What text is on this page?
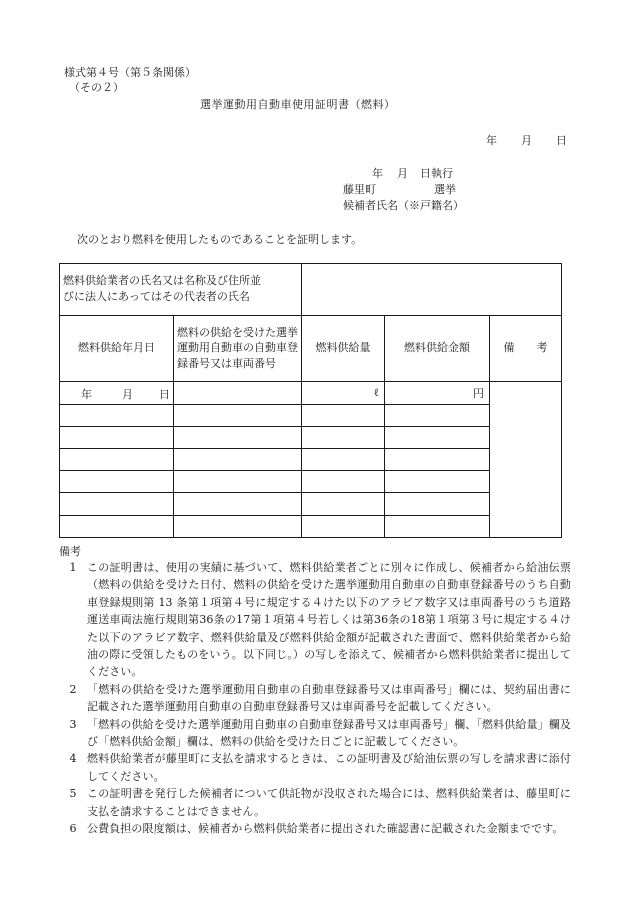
様式第４号（第５条関係）
（その２）
選挙運動用自動車使用証明書（燃料）
年 月 日
年 月 日執行
藤里町	選挙
候補者氏名（※戸籍名）
次のとおり燃料を使用したものであることを証明します。
燃料供給業者の氏名又は名称及び住所並びに法人にあってはその代表者の氏名				
燃料供給年月日	燃料の供給を受けた選挙運動用自動車の自動車登録番号又は車両番号	燃料供給量	燃料供給金額	備　　考

年 月 日		ℓ	円	

備考
1 この証明書は、使用の実績に基づいて、燃料供給業者ごとに別々に作成し、候補者から給油伝票（燃料の供給を受けた日付、燃料の供給を受けた選挙運動用自動車の自動車登録番号のうち自動車登録規則第 13 条第１項第４号に規定する４けた以下のアラビア数字又は車両番号のうち道路運送車両法施行規則第36条の17第１項第４号若しくは第36条の18第１項第３号に規定する４けた以下のアラビア数字、燃料供給量及び燃料供給金額が記載された書面で、燃料供給業者から給油の際に受領したものをいう。以下同じ。）の写しを添えて、候補者から燃料供給業者に提出してください。
2 「燃料の供給を受けた選挙運動用自動車の自動車登録番号又は車両番号」欄には、契約届出書に記載された選挙運動用自動車の自動車登録番号又は車両番号を記載してください。
3 「燃料の供給を受けた選挙運動用自動車の自動車登録番号又は車両番号」欄、「燃料供給量」欄及び「燃料供給金額」欄は、燃料の供給を受けた日ごとに記載してください。
4 燃料供給業者が藤里町に支払を請求するときは、この証明書及び給油伝票の写しを請求書に添付してください。
5 この証明書を発行した候補者について供託物が没収された場合には、燃料供給業者は、藤里町に支払を請求することはできません。
6 公費負担の限度額は、候補者から燃料供給業者に提出された確認書に記載された金額までです。
